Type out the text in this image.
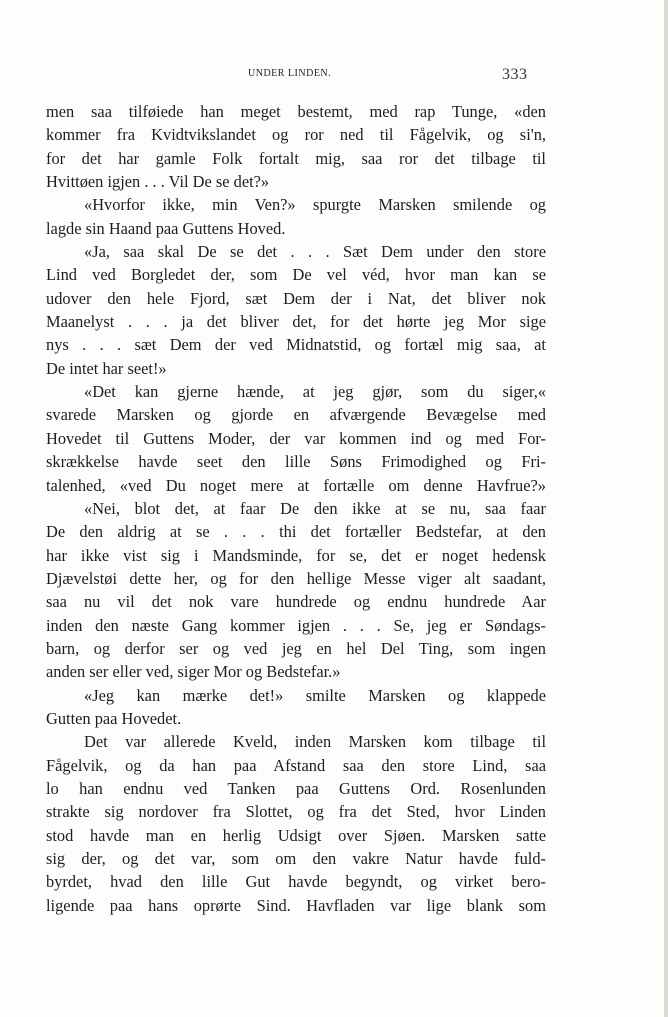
UNDER LINDEN.	333
men saa tilføiede han meget bestemt, med rap Tunge, «den
kommer fra Kvidtvikslandet og ror ned til Fågelvik, og si'n,
for det har gamle Folk fortalt mig, saa ror det tilbage til
Hvittøen igjen . . . Vil De se det?»
«Hvorfor ikke, min Ven?» spurgte Marsken smilende og
lagde sin Haand paa Guttens Hoved.
«Ja, saa skal De se det . . . Sæt Dem under den store
Lind ved Borgledet der, som De vel véd, hvor man kan se
udover den hele Fjord, sæt Dem der i Nat, det bliver nok
Maanelyst . . . ja det bliver det, for det hørte jeg Mor sige
nys . . . sæt Dem der ved Midnatstid, og fortæl mig saa, at
De intet har seet!»
«Det kan gjerne hænde, at jeg gjør, som du siger,«
svarede Marsken og gjorde en afværgende Bevægelse med
Hovedet til Guttens Moder, der var kommen ind og med For-
skrækkelse havde seet den lille Søns Frimodighed og Fri-
talenhed, «ved Du noget mere at fortælle om denne Havfrue?»
«Nei, blot det, at faar De den ikke at se nu, saa faar
De den aldrig at se . . . thi det fortæller Bedstefar, at den
har ikke vist sig i Mandsminde, for se, det er noget hedensk
Djævelstøi dette her, og for den hellige Messe viger alt saadant,
saa nu vil det nok vare hundrede og endnu hundrede Aar
inden den næste Gang kommer igjen . . . Se, jeg er Søndags-
barn, og derfor ser og ved jeg en hel Del Ting, som ingen
anden ser eller ved, siger Mor og Bedstefar.»
«Jeg kan mærke det!» smilte Marsken og klappede
Gutten paa Hovedet.
Det var allerede Kveld, inden Marsken kom tilbage til
Fågelvik, og da han paa Afstand saa den store Lind, saa
lo han endnu ved Tanken paa Guttens Ord. Rosenlunden
strakte sig nordover fra Slottet, og fra det Sted, hvor Linden
stod havde man en herlig Udsigt over Sjøen. Marsken satte
sig der, og det var, som om den vakre Natur havde fuld-
byrdet, hvad den lille Gut havde begyndt, og virket bero-
ligende paa hans oprørte Sind. Havfladen var lige blank som
